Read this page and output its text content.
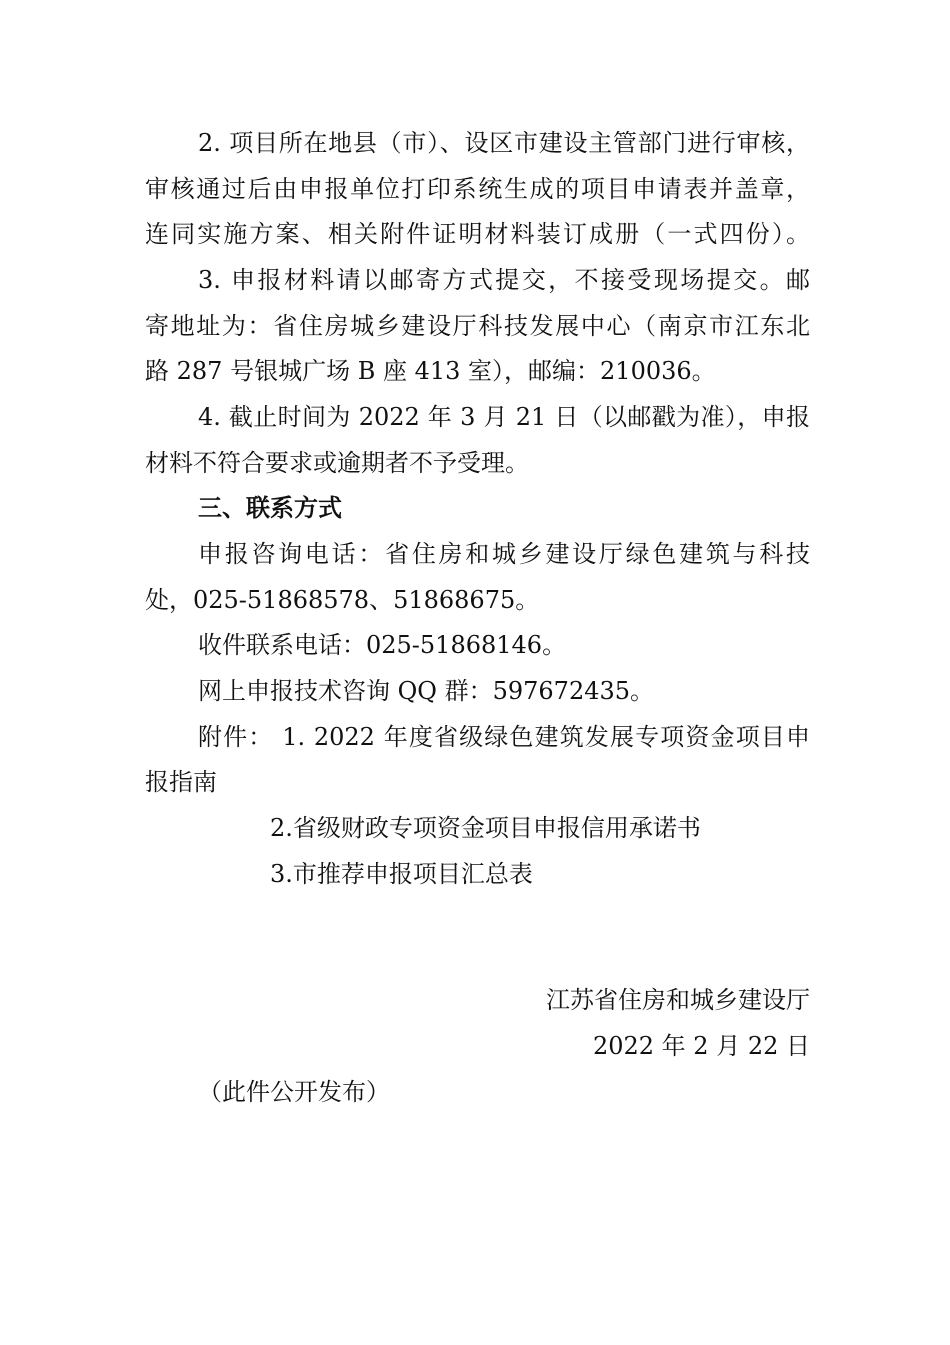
2. 项目所在地县（市）、设区市建设主管部门进行审核，
审核通过后由申报单位打印系统生成的项目申请表并盖章，
连同实施方案、相关附件证明材料装订成册（一式四份）。
3. 申报材料请以邮寄方式提交，不接受现场提交。邮
寄地址为：省住房城乡建设厅科技发展中心（南京市江东北
路 287 号银城广场 B 座 413 室），邮编：210036。
4. 截止时间为 2022 年 3 月 21 日（以邮戳为准），申报
材料不符合要求或逾期者不予受理。
三、联系方式
申报咨询电话：省住房和城乡建设厅绿色建筑与科技
处，025-51868578、51868675。
收件联系电话：025-51868146。
网上申报技术咨询 QQ 群：597672435。
附件： 1. 2022 年度省级绿色建筑发展专项资金项目申
报指南
2.省级财政专项资金项目申报信用承诺书
3.市推荐申报项目汇总表
江苏省住房和城乡建设厅
2022 年 2 月 22 日
（此件公开发布）
